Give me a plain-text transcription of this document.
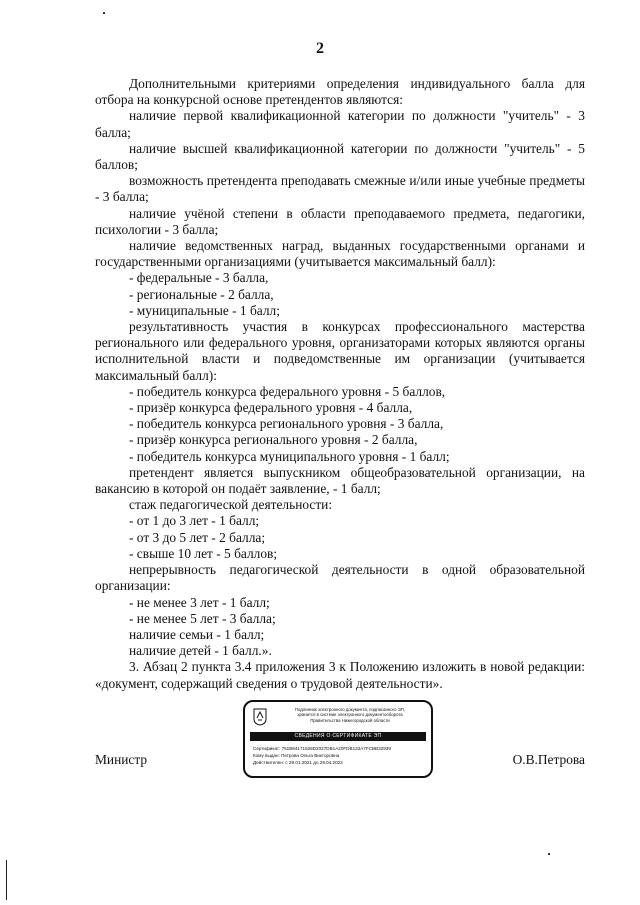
2
Дополнительными критериями определения индивидуального балла для отбора на конкурсной основе претендентов являются:
наличие первой квалификационной категории по должности "учитель" - 3 балла;
наличие высшей квалификационной категории по должности "учитель" - 5 баллов;
возможность претендента преподавать смежные и/или иные учебные предметы - 3 балла;
наличие учёной степени в области преподаваемого предмета, педагогики, психологии - 3 балла;
наличие ведомственных наград, выданных государственными органами и государственными организациями (учитывается максимальный балл):
- федеральные - 3 балла,
- региональные - 2 балла,
- муниципальные - 1 балл;
результативность участия в конкурсах профессионального мастерства регионального или федерального уровня, организаторами которых являются органы исполнительной власти и подведомственные им организации (учитывается максимальный балл):
- победитель конкурса федерального уровня - 5 баллов,
- призёр конкурса федерального уровня - 4 балла,
- победитель конкурса регионального уровня - 3 балла,
- призёр конкурса регионального уровня - 2 балла,
- победитель конкурса муниципального уровня - 1 балл;
претендент является выпускником общеобразовательной организации, на вакансию в которой он подаёт заявление, - 1 балл;
стаж педагогической деятельности:
- от 1 до 3 лет - 1 балл;
- от 3 до 5 лет - 2 балла;
- свыше 10 лет - 5 баллов;
непрерывность педагогической деятельности в одной образовательной организации:
- не менее 3 лет - 1 балл;
- не менее 5 лет - 3 балла;
наличие семьи - 1 балл;
наличие детей - 1 балл.».
3. Абзац 2 пункта 3.4 приложения 3 к Положению изложить в новой редакции: «документ, содержащий сведения о трудовой деятельности».
Подлинник электронного документа, подписанного ЭП,
хранится в системе электронного документооборота
Правительства Нижегородской области
СВЕДЕНИЯ О СЕРТИФИКАТЕ ЭП
Сертификат: 751B84171528D2027DB1A20FDB133A7FCBB32939
Кому выдан: Петрова Ольга Викторовна
Действителен: с 29.01.2021 до 29.04.2022
Министр	О.В.Петрова
